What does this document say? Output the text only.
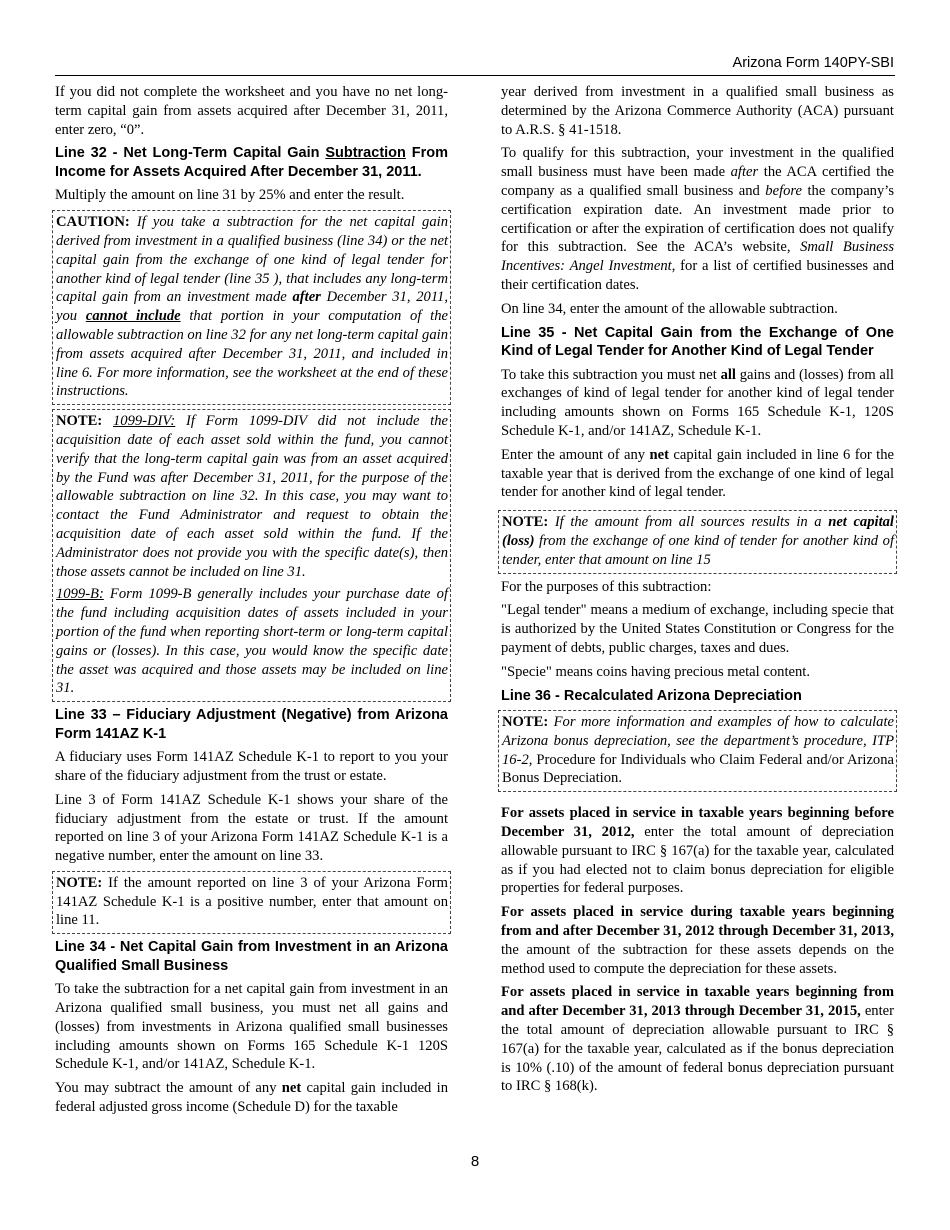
Arizona Form 140PY-SBI

If you did not complete the worksheet and you have no net long-term capital gain from assets acquired after December 31, 2011, enter zero, “0”.

Line 32 - Net Long-Term Capital Gain Subtraction From Income for Assets Acquired After December 31, 2011.

Multiply the amount on line 31 by 25% and enter the result.

CAUTION: If you take a subtraction for the net capital gain derived from investment in a qualified business (line 34) or the net capital gain from the exchange of one kind of legal tender for another kind of legal tender (line 35 ), that includes any long-term capital gain from an investment made after December 31, 2011, you cannot include that portion in your computation of the allowable subtraction on line 32 for any net long-term capital gain from assets acquired after December 31, 2011, and included in line 6. For more information, see the worksheet at the end of these instructions.

NOTE: 1099-DIV: If Form 1099-DIV did not include the acquisition date of each asset sold within the fund, you cannot verify that the long-term capital gain was from an asset acquired by the Fund was after December 31, 2011, for the purpose of the allowable subtraction on line 32. In this case, you may want to contact the Fund Administrator and request to obtain the acquisition date of each asset sold within the fund. If the Administrator does not provide you with the specific date(s), then those assets cannot be included on line 31.

1099-B: Form 1099-B generally includes your purchase date of the fund including acquisition dates of assets included in your portion of the fund when reporting short-term or long-term capital gains or (losses). In this case, you would know the specific date the asset was acquired and those assets may be included on line 31.

Line 33 – Fiduciary Adjustment (Negative) from Arizona Form 141AZ K-1

A fiduciary uses Form 141AZ Schedule K-1 to report to you your share of the fiduciary adjustment from the trust or estate.

Line 3 of Form 141AZ Schedule K-1 shows your share of the fiduciary adjustment from the estate or trust. If the amount reported on line 3 of your Arizona Form 141AZ Schedule K-1 is a negative number, enter the amount on line 33.

NOTE: If the amount reported on line 3 of your Arizona Form 141AZ Schedule K-1 is a positive number, enter that amount on line 11.

Line 34 - Net Capital Gain from Investment in an Arizona Qualified Small Business

To take the subtraction for a net capital gain from investment in an Arizona qualified small business, you must net all gains and (losses) from investments in Arizona qualified small businesses including amounts shown on Forms 165 Schedule K-1 120S Schedule K-1, and/or 141AZ, Schedule K-1.

You may subtract the amount of any net capital gain included in federal adjusted gross income (Schedule D) for the taxable

year derived from investment in a qualified small business as determined by the Arizona Commerce Authority (ACA) pursuant to A.R.S. § 41-1518.

To qualify for this subtraction, your investment in the qualified small business must have been made after the ACA certified the company as a qualified small business and before the company’s certification expiration date. An investment made prior to certification or after the expiration of certification does not qualify for this subtraction. See the ACA’s website, Small Business Incentives: Angel Investment, for a list of certified businesses and their certification dates.

On line 34, enter the amount of the allowable subtraction.

Line 35 - Net Capital Gain from the Exchange of One Kind of Legal Tender for Another Kind of Legal Tender

To take this subtraction you must net all gains and (losses) from all exchanges of kind of legal tender for another kind of legal tender including amounts shown on Forms 165 Schedule K-1, 120S Schedule K-1, and/or 141AZ, Schedule K-1.

Enter the amount of any net capital gain included in line 6 for the taxable year that is derived from the exchange of one kind of legal tender for another kind of legal tender.

NOTE: If the amount from all sources results in a net capital (loss) from the exchange of one kind of tender for another kind of tender, enter that amount on line 15

For the purposes of this subtraction:

"Legal tender" means a medium of exchange, including specie that is authorized by the United States Constitution or Congress for the payment of debts, public charges, taxes and dues.

"Specie" means coins having precious metal content.

Line 36 - Recalculated Arizona Depreciation

NOTE: For more information and examples of how to calculate Arizona bonus depreciation, see the department’s procedure, ITP 16-2, Procedure for Individuals who Claim Federal and/or Arizona Bonus Depreciation.

For assets placed in service in taxable years beginning before December 31, 2012, enter the total amount of depreciation allowable pursuant to IRC § 167(a) for the taxable year, calculated as if you had elected not to claim bonus depreciation for eligible properties for federal purposes.

For assets placed in service during taxable years beginning from and after December 31, 2012 through December 31, 2013, the amount of the subtraction for these assets depends on the method used to compute the depreciation for these assets.

For assets placed in service in taxable years beginning from and after December 31, 2013 through December 31, 2015, enter the total amount of depreciation allowable pursuant to IRC § 167(a) for the taxable year, calculated as if the bonus depreciation is 10% (.10) of the amount of federal bonus depreciation pursuant to IRC § 168(k).

8
